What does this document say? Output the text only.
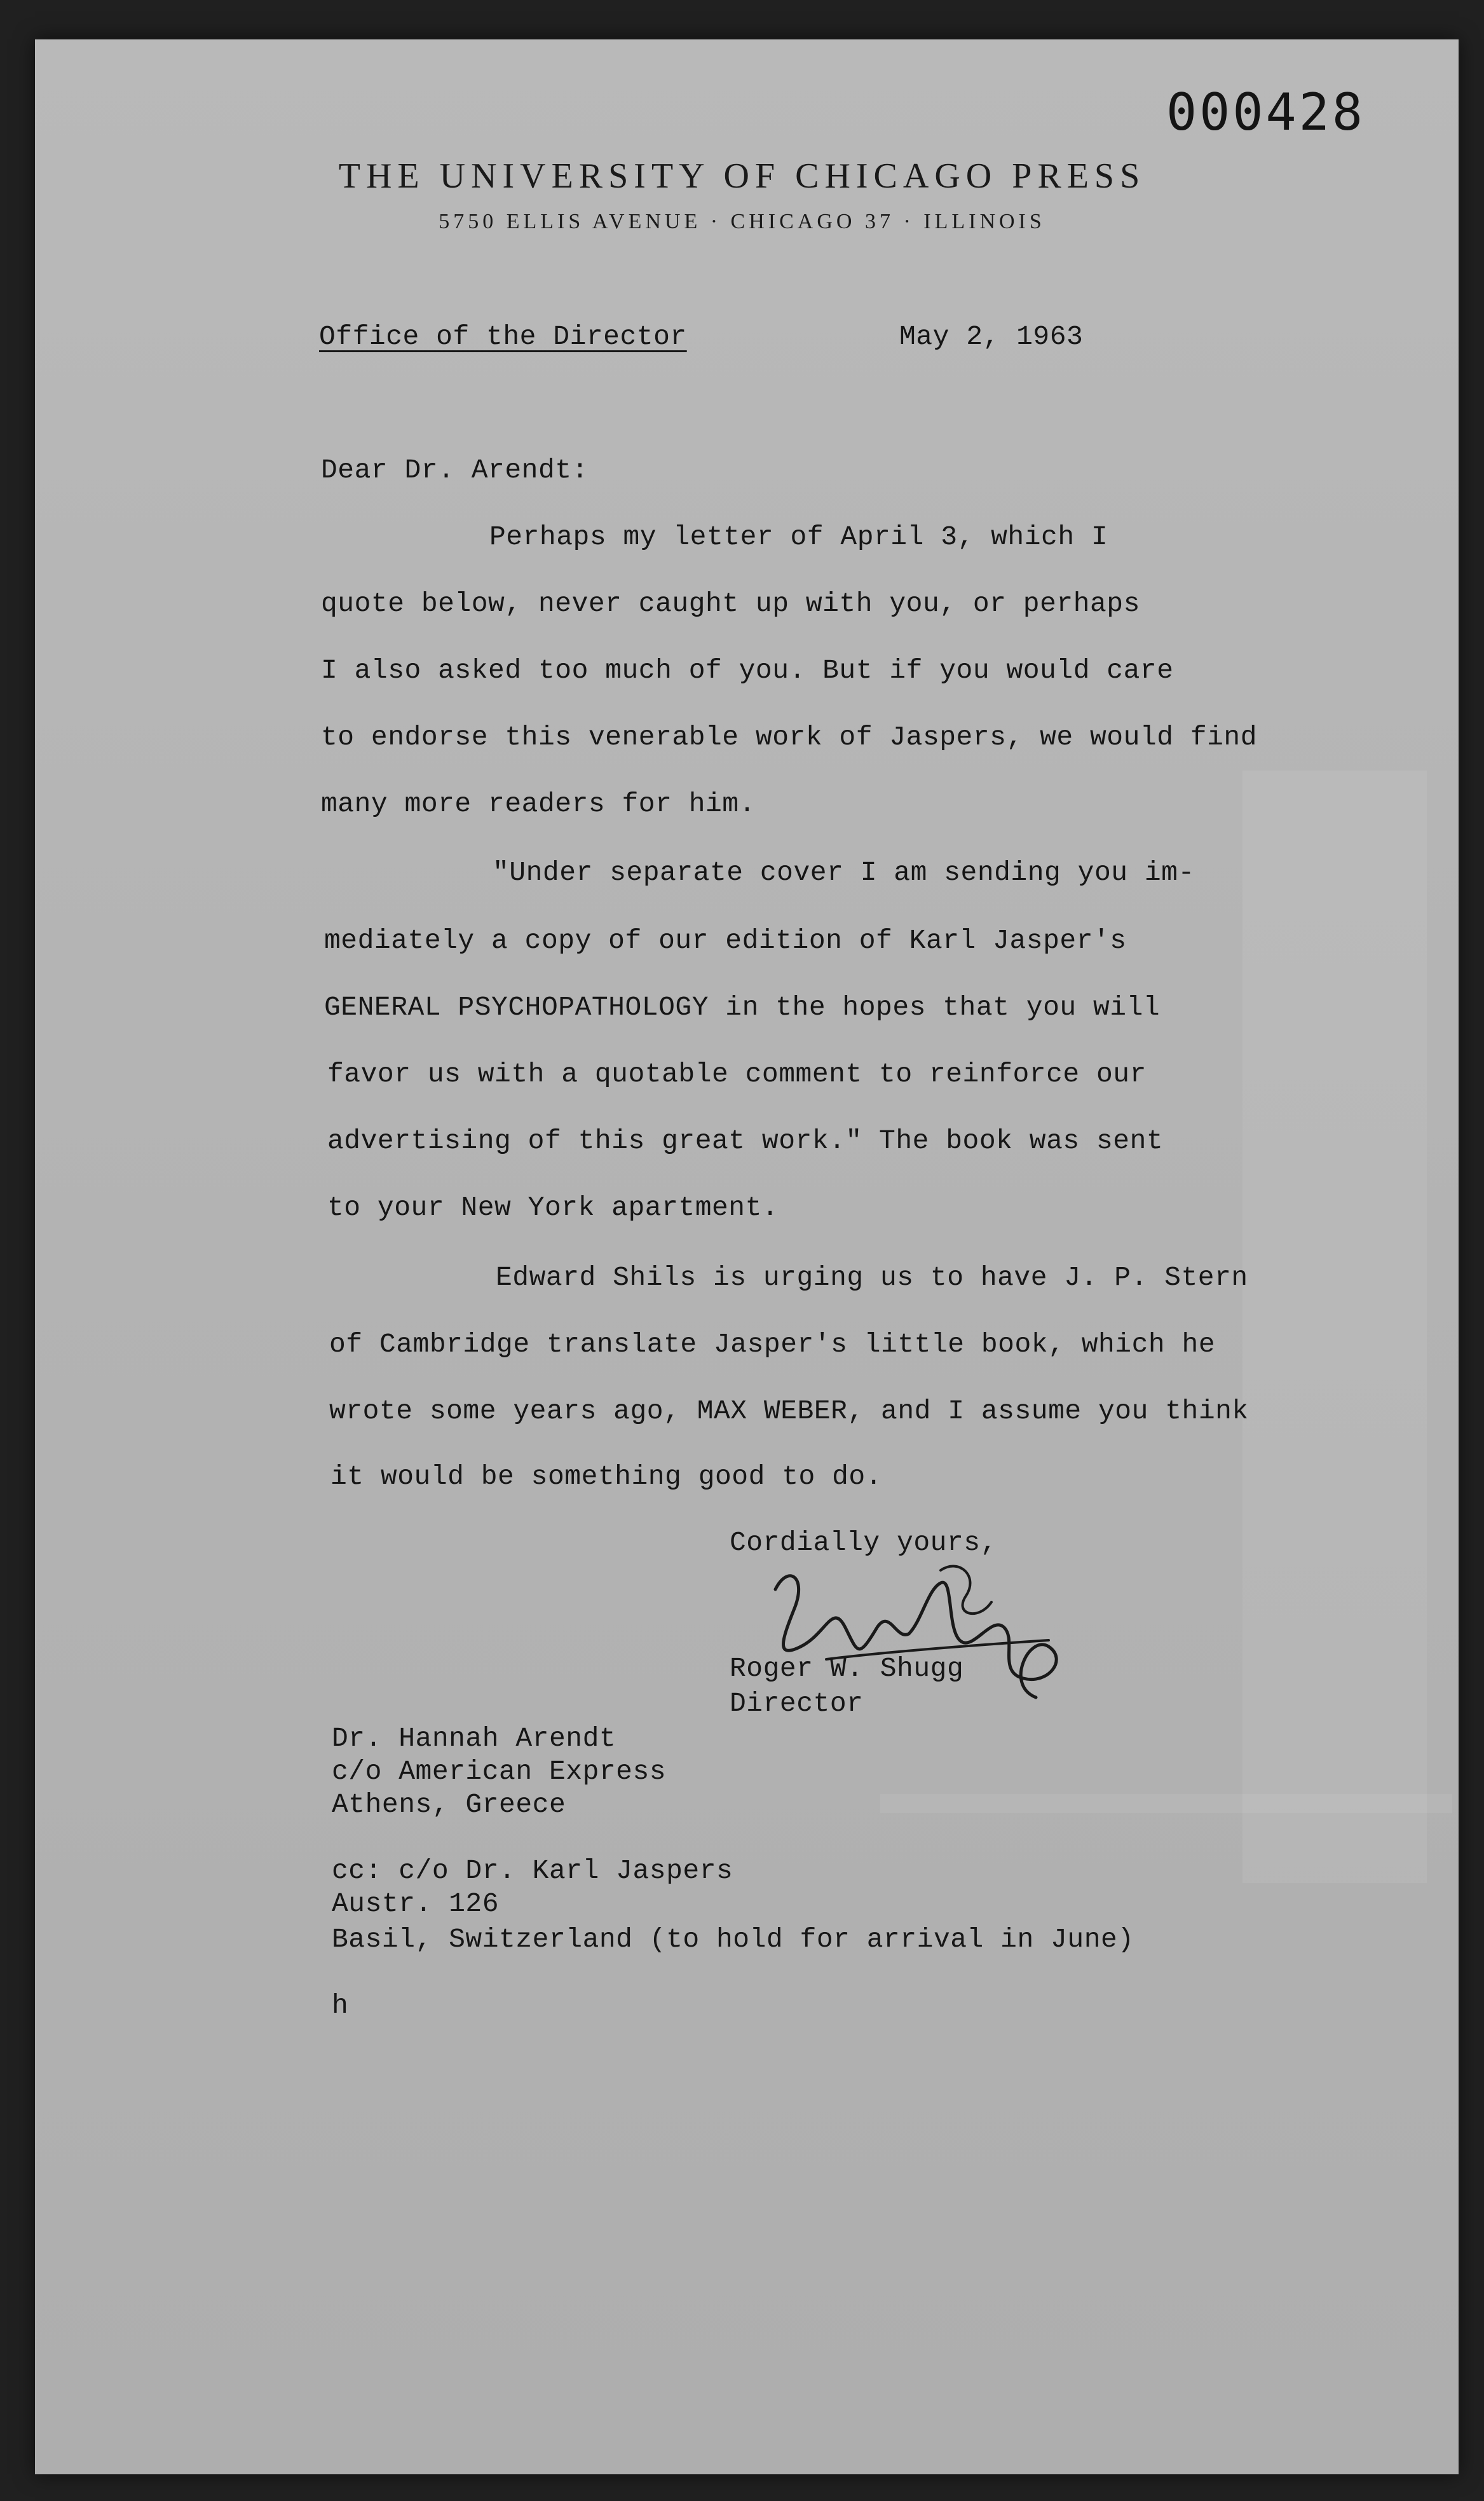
000428
THE UNIVERSITY OF CHICAGO PRESS
5750 ELLIS AVENUE · CHICAGO 37 · ILLINOIS
Office of the Director	May 2, 1963
Dear Dr. Arendt:
Perhaps my letter of April 3, which I
quote below, never caught up with you, or perhaps
I also asked too much of you. But if you would care
to endorse this venerable work of Jaspers, we would find
many more readers for him.
"Under separate cover I am sending you im-
mediately a copy of our edition of Karl Jasper's
GENERAL PSYCHOPATHOLOGY in the hopes that you will
favor us with a quotable comment to reinforce our
advertising of this great work." The book was sent
to your New York apartment.
Edward Shils is urging us to have J. P. Stern
of Cambridge translate Jasper's little book, which he
wrote some years ago, MAX WEBER, and I assume you think
it would be something good to do.
Cordially yours,
Roger W. Shugg
Director
Dr. Hannah Arendt
c/o American Express
Athens, Greece
cc: c/o Dr. Karl Jaspers
Austr. 126
Basil, Switzerland (to hold for arrival in June)
h
